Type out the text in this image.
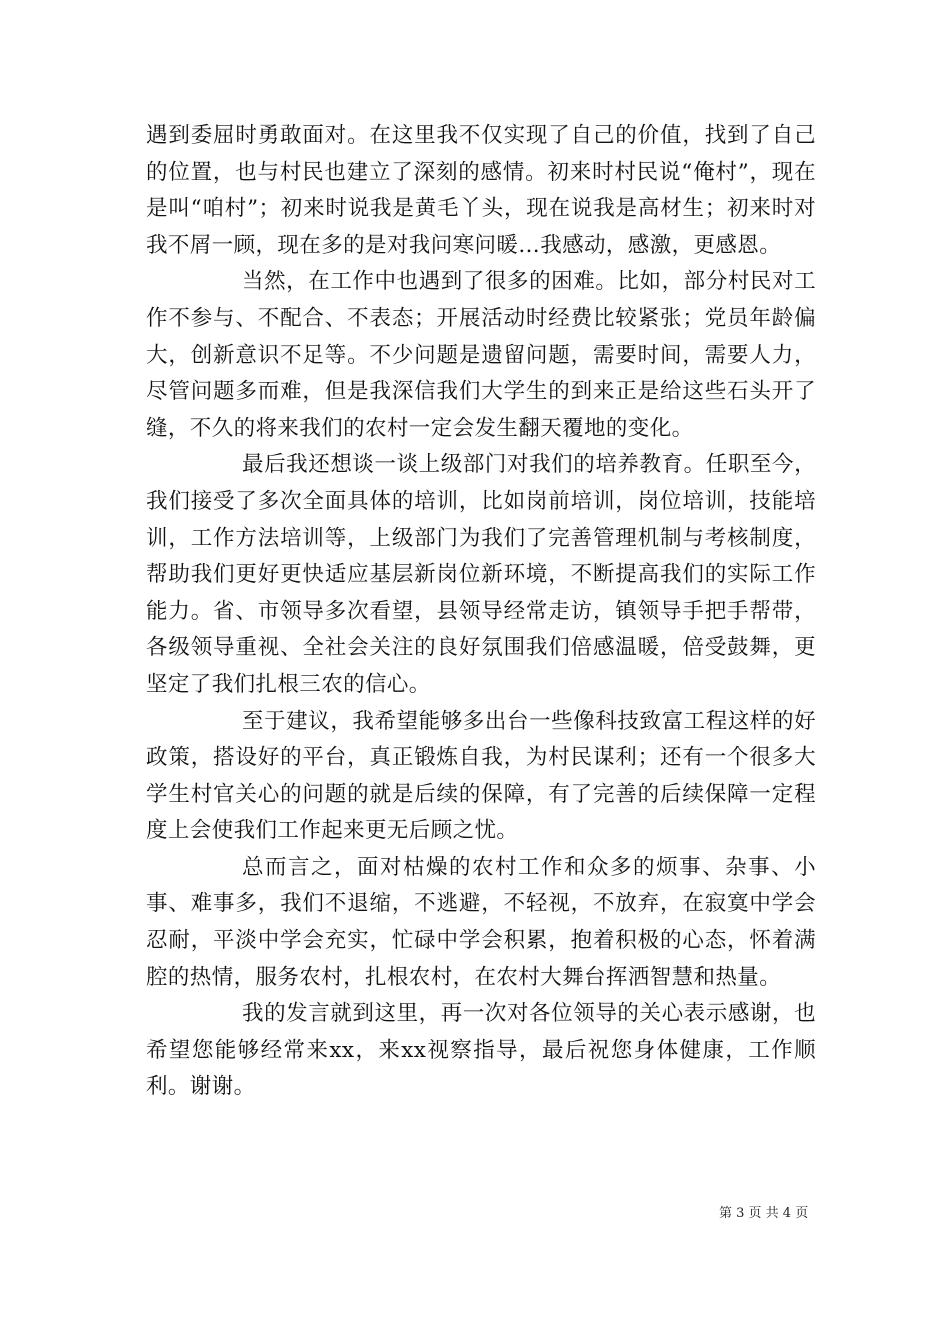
遇到委屈时勇敢面对。在这里我不仅实现了自己的价值，找到了自己的位置，也与村民也建立了深刻的感情。初来时村民说“俺村”，现在是叫“咱村”；初来时说我是黄毛丫头，现在说我是高材生；初来时对我不屑一顾，现在多的是对我问寒问暖…我感动，感激，更感恩。

当然，在工作中也遇到了很多的困难。比如，部分村民对工作不参与、不配合、不表态；开展活动时经费比较紧张；党员年龄偏大，创新意识不足等。不少问题是遗留问题，需要时间，需要人力，尽管问题多而难，但是我深信我们大学生的到来正是给这些石头开了缝，不久的将来我们的农村一定会发生翻天覆地的变化。

最后我还想谈一谈上级部门对我们的培养教育。任职至今，我们接受了多次全面具体的培训，比如岗前培训，岗位培训，技能培训，工作方法培训等，上级部门为我们了完善管理机制与考核制度，帮助我们更好更快适应基层新岗位新环境，不断提高我们的实际工作能力。省、市领导多次看望，县领导经常走访，镇领导手把手帮带，各级领导重视、全社会关注的良好氛围我们倍感温暖，倍受鼓舞，更坚定了我们扎根三农的信心。

至于建议，我希望能够多出台一些像科技致富工程这样的好政策，搭设好的平台，真正锻炼自我，为村民谋利；还有一个很多大学生村官关心的问题的就是后续的保障，有了完善的后续保障一定程度上会使我们工作起来更无后顾之忧。

总而言之，面对枯燥的农村工作和众多的烦事、杂事、小事、难事多，我们不退缩，不逃避，不轻视，不放弃，在寂寞中学会忍耐，平淡中学会充实，忙碌中学会积累，抱着积极的心态，怀着满腔的热情，服务农村，扎根农村，在农村大舞台挥洒智慧和热量。

我的发言就到这里，再一次对各位领导的关心表示感谢，也希望您能够经常来xx，来xx视察指导，最后祝您身体健康，工作顺利。谢谢。

第 3 页 共 4 页
